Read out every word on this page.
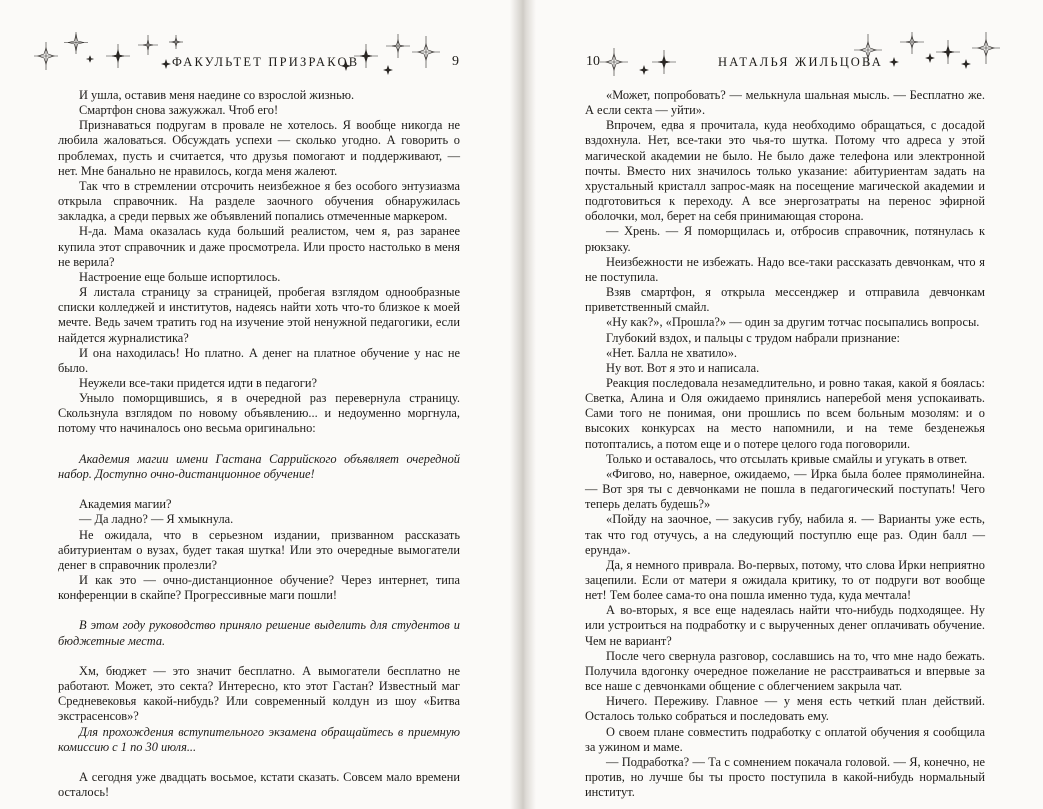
ФАКУЛЬТЕТ ПРИЗРАКОВ	9	10	НАТАЛЬЯ ЖИЛЬЦОВА

И ушла, оставив меня наедине со взрослой жизнью.

Смартфон снова зажужжал. Чтоб его!

Признаваться подругам в провале не хотелось. Я вообще никогда не любила жаловаться. Обсуждать успехи — сколько угодно. А говорить о проблемах, пусть и считается, что друзья помогают и поддерживают, — нет. Мне банально не нравилось, когда меня жалеют.

Так что в стремлении отсрочить неизбежное я без особого энтузиазма открыла справочник. На разделе заочного обучения обнаружилась закладка, а среди первых же объявлений попались отмеченные маркером.

Н-да. Мама оказалась куда больший реалистом, чем я, раз заранее купила этот справочник и даже просмотрела. Или просто настолько в меня не верила?

Настроение еще больше испортилось.

Я листала страницу за страницей, пробегая взглядом однообразные списки колледжей и институтов, надеясь найти хоть что-то близкое к моей мечте. Ведь зачем тратить год на изучение этой ненужной педагогики, если найдется журналистика?

И она находилась! Но платно. А денег на платное обучение у нас не было.

Неужели все-таки придется идти в педагоги?

Уныло поморщившись, я в очередной раз перевернула страницу. Скользнула взглядом по новому объявлению... и недоуменно моргнула, потому что начиналось оно весьма оригинально:

Академия магии имени Гастана Саррийского объявляет очередной набор. Доступно очно-дистанционное обучение!

Академия магии?

— Да ладно? — Я хмыкнула.

Не ожидала, что в серьезном издании, призванном рассказать абитуриентам о вузах, будет такая шутка! Или это очередные вымогатели денег в справочник пролезли?

И как это — очно-дистанционное обучение? Через интернет, типа конференции в скайпе? Прогрессивные маги пошли!

В этом году руководство приняло решение выделить для студентов и бюджетные места.

Хм, бюджет — это значит бесплатно. А вымогатели бесплатно не работают. Может, это секта? Интересно, кто этот Гастан? Известный маг Средневековья какой-нибудь? Или современный колдун из шоу «Битва экстрасенсов»?

Для прохождения вступительного экзамена обращайтесь в приемную комиссию с 1 по 30 июля...

А сегодня уже двадцать восьмое, кстати сказать. Совсем мало времени осталось!

«Может, попробовать? — мелькнула шальная мысль. — Бесплатно же. А если секта — уйти».

Впрочем, едва я прочитала, куда необходимо обращаться, с досадой вздохнула. Нет, все-таки это чья-то шутка. Потому что адреса у этой магической академии не было. Не было даже телефона или электронной почты. Вместо них значилось только указание: абитуриентам задать на хрустальный кристалл запрос-маяк на посещение магической академии и подготовиться к переходу. А все энергозатраты на перенос эфирной оболочки, мол, берет на себя принимающая сторона.

— Хрень. — Я поморщилась и, отбросив справочник, потянулась к рюкзаку.

Неизбежности не избежать. Надо все-таки рассказать девчонкам, что я не поступила.

Взяв смартфон, я открыла мессенджер и отправила девчонкам приветственный смайл.

«Ну как?», «Прошла?» — один за другим тотчас посыпались вопросы.

Глубокий вздох, и пальцы с трудом набрали признание:

«Нет. Балла не хватило».

Ну вот. Вот я это и написала.

Реакция последовала незамедлительно, и ровно такая, какой я боялась: Светка, Алина и Оля ожидаемо принялись наперебой меня успокаивать. Сами того не понимая, они прошлись по всем больным мозолям: и о высоких конкурсах на место напомнили, и на теме безденежья потоптались, а потом еще и о потере целого года поговорили.

Только и оставалось, что отсылать кривые смайлы и угукать в ответ.

«Фигово, но, наверное, ожидаемо, — Ирка была более прямолинейна. — Вот зря ты с девчонками не пошла в педагогический поступать! Чего теперь делать будешь?»

«Пойду на заочное, — закусив губу, набила я. — Варианты уже есть, так что год отучусь, а на следующий поступлю еще раз. Один балл — ерунда».

Да, я немного приврала. Во-первых, потому, что слова Ирки неприятно зацепили. Если от матери я ожидала критику, то от подруги вот вообще нет! Тем более сама-то она пошла именно туда, куда мечтала!

А во-вторых, я все еще надеялась найти что-нибудь подходящее. Ну или устроиться на подработку и с вырученных денег оплачивать обучение. Чем не вариант?

После чего свернула разговор, сославшись на то, что мне надо бежать. Получила вдогонку очередное пожелание не расстраиваться и впервые за все наше с девчонками общение с облегчением закрыла чат.

Ничего. Переживу. Главное — у меня есть четкий план действий. Осталось только собраться и последовать ему.

О своем плане совместить подработку с оплатой обучения я сообщила за ужином и маме.

— Подработка? — Та с сомнением покачала головой. — Я, конечно, не против, но лучше бы ты просто поступила в какой-нибудь нормальный институт.
